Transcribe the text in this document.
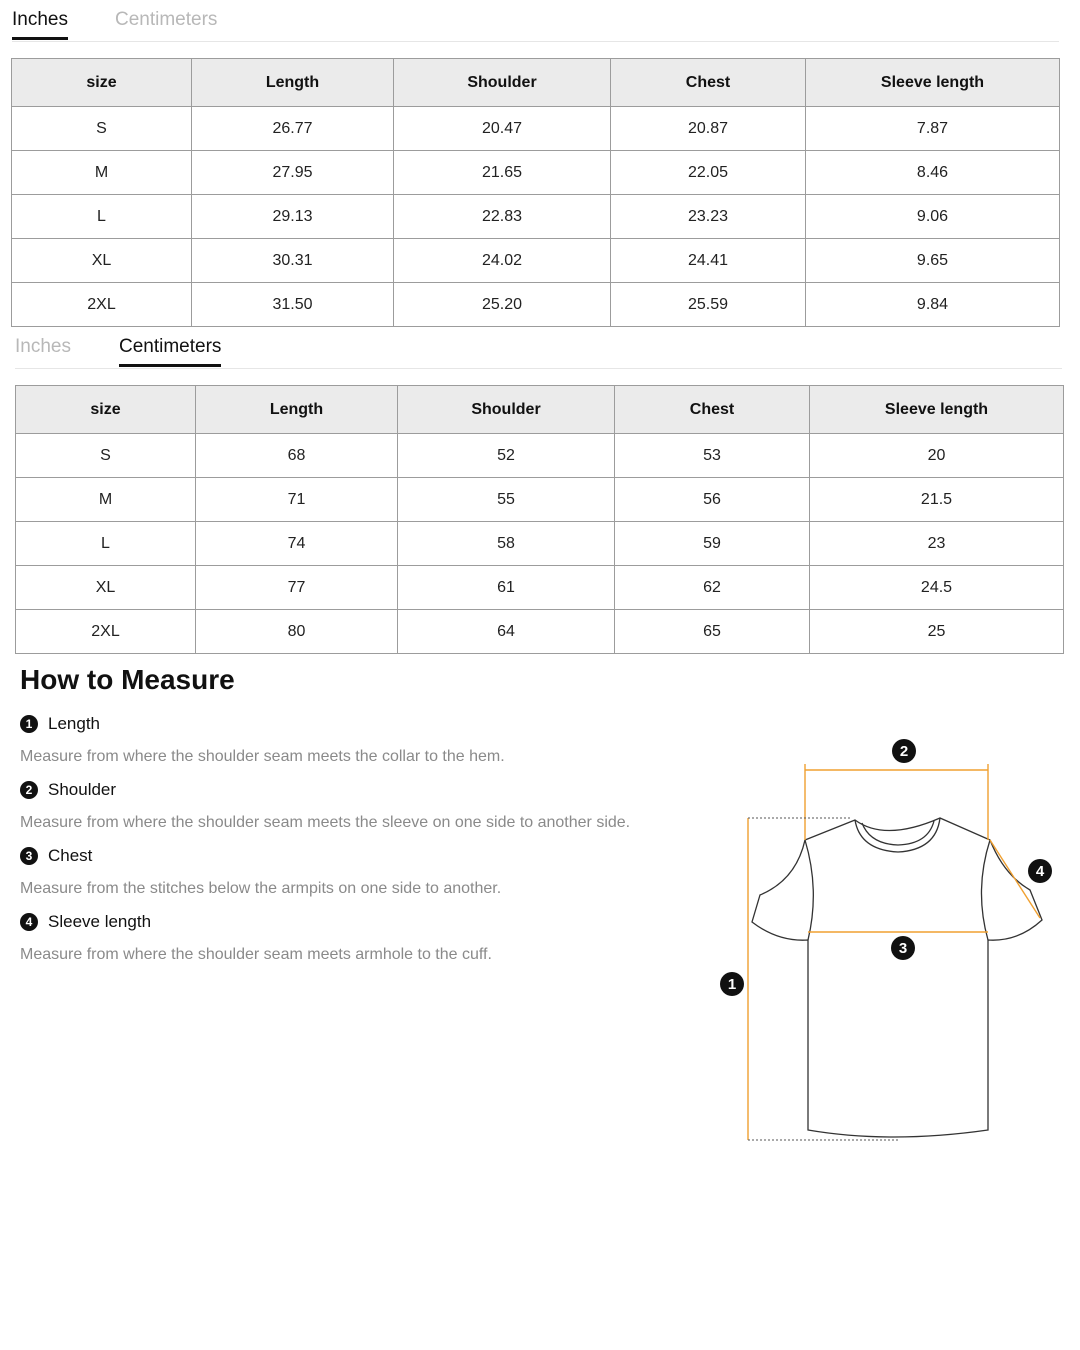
Inches Centimeters
size	Length	Shoulder	Chest	Sleeve length
S	26.77	20.47	20.87	7.87
M	27.95	21.65	22.05	8.46
L	29.13	22.83	23.23	9.06
XL	30.31	24.02	24.41	9.65
2XL	31.50	25.20	25.59	9.84
Inches	Centimeters
size	Length	Shoulder	Chest	Sleeve length
S	68	52	53	20
M	71	55	56	21.5
L	74	58	59	23
XL	77	61	62	24.5
2XL	80	64	65	25
How to Measure
1 Length
Measure from where the shoulder seam meets the collar to the hem.
2 Shoulder
Measure from where the shoulder seam meets the sleeve on one side to another side.
3 Chest
Measure from the stitches below the armpits on one side to another.
4 Sleeve length
Measure from where the shoulder seam meets armhole to the cuff.
1
2
3
4
